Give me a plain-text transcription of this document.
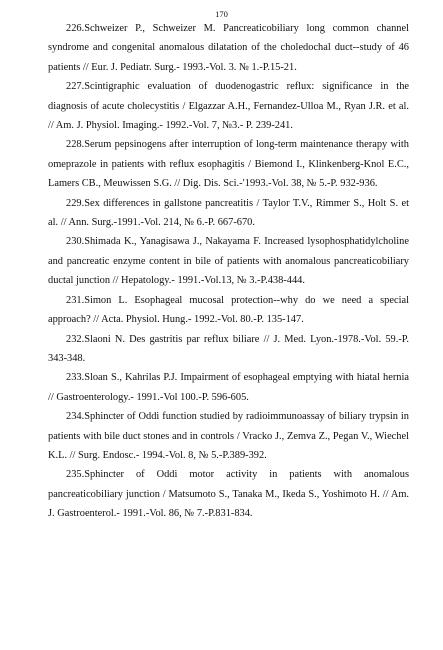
170
226.Schweizer P., Schweizer M. Pancreaticobiliary long common channel syndrome and congenital anomalous dilatation of the choledochal duct--study of 46 patients // Eur. J. Pediatr. Surg.- 1993.-Vol. 3. № 1.-P.15-21.
227.Scintigraphic evaluation of duodenogastric reflux: significance in the diagnosis of acute cholecystitis / Elgazzar A.H., Fernandez-Ulloa M., Ryan J.R. et al. // Am. J. Physiol. Imaging.- 1992.-Vol. 7, №3.- P. 239-241.
228.Serum pepsinogens after interruption of long-term maintenance therapy with omeprazole in patients with reflux esophagitis / Biemond I., Klinkenberg-Knol E.C., Lamers CB., Meuwissen S.G. // Dig. Dis. Sci.-ʹ1993.-Vol. 38, № 5.-P. 932-936.
229.Sex differences in gallstone pancreatitis / Taylor T.V., Rimmer S., Holt S. et al. // Ann. Surg.-1991.-Vol. 214, № 6.-P. 667-670.
230.Shimada K., Yanagisawa J., Nakayama F. Increased lysophosphatidylcholine and pancreatic enzyme content in bile of patients with anomalous pancreaticobiliary ductal junction // Hepatology.- 1991.-Vol.13, № 3.-P.438-444.
231.Simon L. Esophageal mucosal protection--why do we need a special approach? // Acta. Physiol. Hung.- 1992.-Vol. 80.-P. 135-147.
232.Slaoni N. Des gastritis par reflux biliare // J. Med. Lyon.-1978.-Vol. 59.-P. 343-348.
233.Sloan S., Kahrilas P.J. Impairment of esophageal emptying with hiatal hernia // Gastroenterology.- 1991.-Vol 100.-P. 596-605.
234.Sphincter of Oddi function studied by radioimmunoassay of biliary trypsin in patients with bile duct stones and in controls / Vracko J., Zemva Z., Pegan V., Wiechel K.L. // Surg. Endosc.- 1994.-Vol. 8, № 5.-P.389-392.
235.Sphincter of Oddi motor activity in patients with anomalous pancreaticobiliary junction / Matsumoto S., Tanaka M., Ikeda S., Yoshimoto H. // Am. J. Gastroenterol.- 1991.-Vol. 86, № 7.-P.831-834.
